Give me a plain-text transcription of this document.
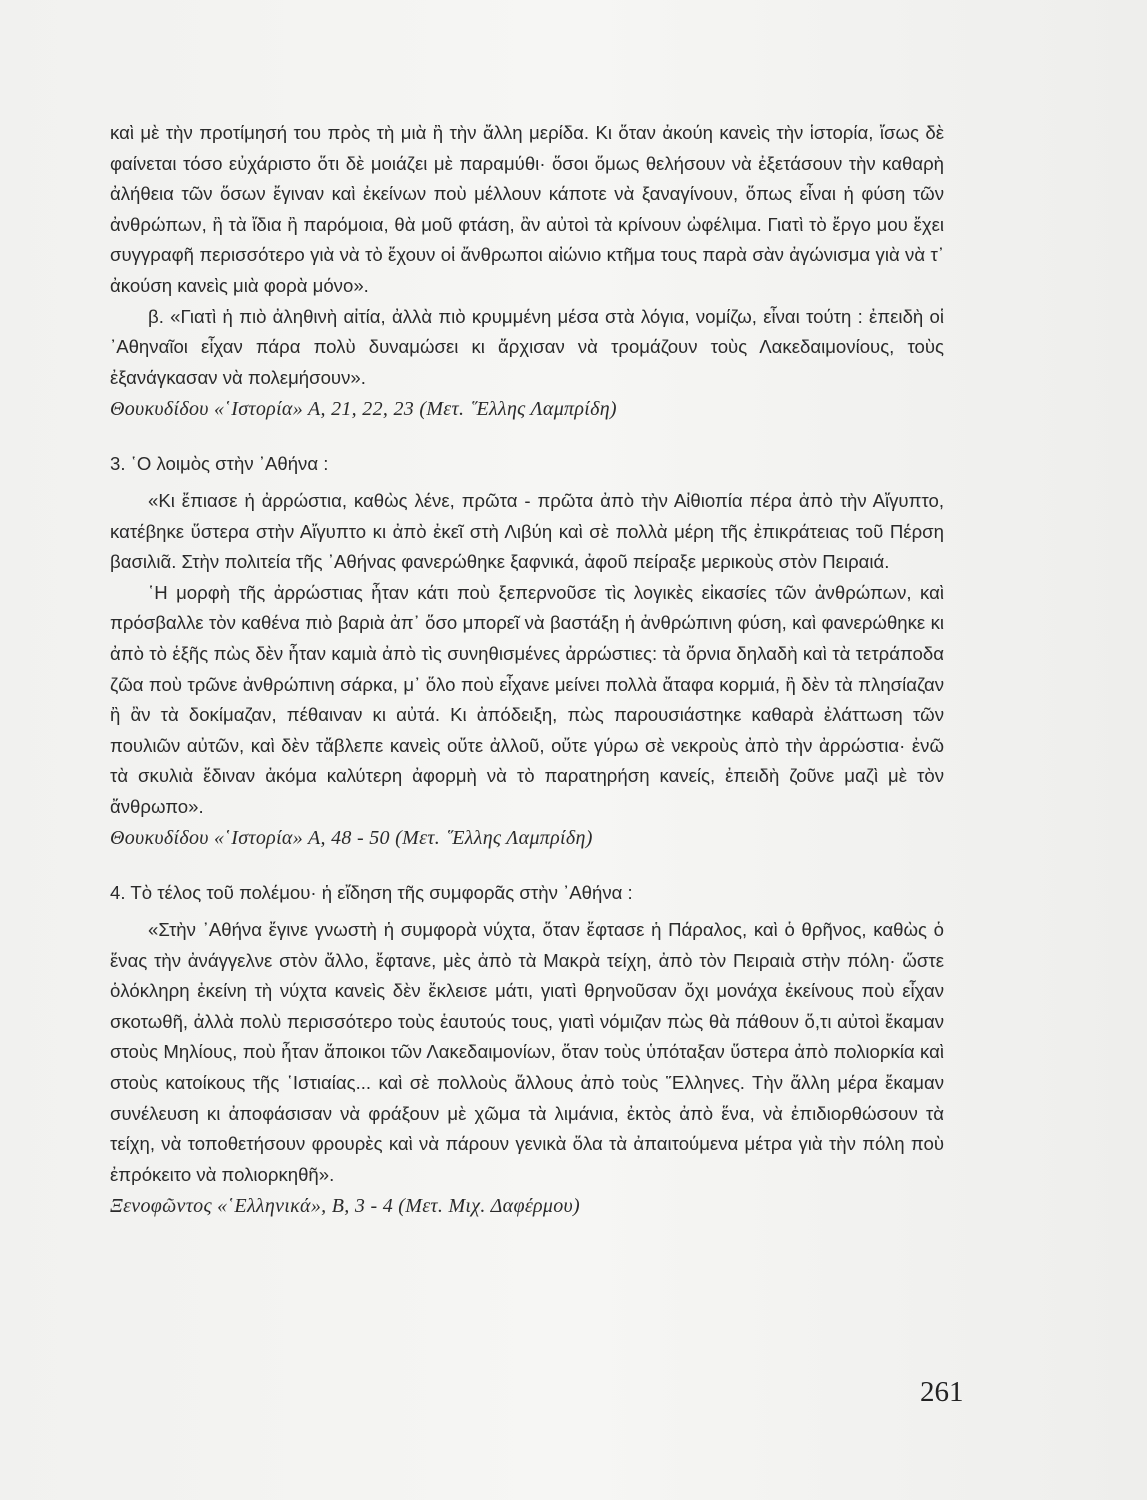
καὶ μὲ τὴν προτίμησή του πρὸς τὴ μιὰ ἢ τὴν ἄλλη μερίδα. Κι ὅταν ἀκούη κανεὶς τὴν ἱστορία, ἴσως δὲ φαίνεται τόσο εὐχάριστο ὅτι δὲ μοιάζει μὲ παραμύθι· ὅσοι ὅμως θελήσουν νὰ ἐξετάσουν τὴν καθαρὴ ἀλήθεια τῶν ὅσων ἔγιναν καὶ ἐκείνων ποὺ μέλλουν κάποτε νὰ ξαναγίνουν, ὅπως εἶναι ἡ φύση τῶν ἀνθρώπων, ἢ τὰ ἴδια ἢ παρόμοια, θὰ μοῦ φτάση, ἂν αὐτοὶ τὰ κρίνουν ὠφέλιμα. Γιατὶ τὸ ἔργο μου ἔχει συγγραφῆ περισσότερο γιὰ νὰ τὸ ἔχουν οἱ ἄνθρωποι αἰώνιο κτῆμα τους παρὰ σὰν ἀγώνισμα γιὰ νὰ τ᾿ ἀκούση κανεὶς μιὰ φορὰ μόνο».

β. «Γιατὶ ἡ πιὸ ἀληθινὴ αἰτία, ἀλλὰ πιὸ κρυμμένη μέσα στὰ λόγια, νομίζω, εἶναι τούτη : ἐπειδὴ οἱ ᾿Αθηναῖοι εἶχαν πάρα πολὺ δυναμώσει κι ἄρχισαν νὰ τρομάζουν τοὺς Λακεδαιμονίους, τοὺς ἐξανάγκασαν νὰ πολεμήσουν».

Θουκυδίδου «῾Ιστορία» Α, 21, 22, 23 (Μετ. ῞Ελλης Λαμπρίδη)

3. ῾Ο λοιμὸς στὴν ᾿Αθήνα :

«Κι ἔπιασε ἡ ἀρρώστια, καθὼς λένε, πρῶτα - πρῶτα ἀπὸ τὴν Αἰθιοπία πέρα ἀπὸ τὴν Αἴγυπτο, κατέβηκε ὕστερα στὴν Αἴγυπτο κι ἀπὸ ἐκεῖ στὴ Λιβύη καὶ σὲ πολλὰ μέρη τῆς ἐπικράτειας τοῦ Πέρση βασιλιᾶ. Στὴν πολιτεία τῆς ᾿Αθήνας φανερώθηκε ξαφνικά, ἀφοῦ πείραξε μερικοὺς στὸν Πειραιά.

῾Η μορφὴ τῆς ἀρρώστιας ἦταν κάτι ποὺ ξεπερνοῦσε τὶς λογικὲς εἰκασίες τῶν ἀνθρώπων, καὶ πρόσβαλλε τὸν καθένα πιὸ βαριὰ ἀπ᾿ ὅσο μπορεῖ νὰ βαστάξη ἡ ἀνθρώπινη φύση, καὶ φανερώθηκε κι ἀπὸ τὸ ἑξῆς πὼς δὲν ἦταν καμιὰ ἀπὸ τὶς συνηθισμένες ἀρρώστιες: τὰ ὄρνια δηλαδὴ καὶ τὰ τετράποδα ζῶα ποὺ τρῶνε ἀνθρώπινη σάρκα, μ᾿ ὅλο ποὺ εἶχανε μείνει πολλὰ ἄταφα κορμιά, ἢ δὲν τὰ πλησίαζαν ἢ ἂν τὰ δοκίμαζαν, πέθαιναν κι αὐτά. Κι ἀπόδειξη, πὼς παρουσιάστηκε καθαρὰ ἐλάττωση τῶν πουλιῶν αὐτῶν, καὶ δὲν τἄβλεπε κανεὶς οὔτε ἀλλοῦ, οὔτε γύρω σὲ νεκροὺς ἀπὸ τὴν ἀρρώστια· ἐνῶ τὰ σκυλιὰ ἔδιναν ἀκόμα καλύτερη ἀφορμὴ νὰ τὸ παρατηρήση κανείς, ἐπειδὴ ζοῦνε μαζὶ μὲ τὸν ἄνθρωπο».

Θουκυδίδου «῾Ιστορία» Α, 48 - 50 (Μετ. ῞Ελλης Λαμπρίδη)

4. Τὸ τέλος τοῦ πολέμου· ἡ εἴδηση τῆς συμφορᾶς στὴν ᾿Αθήνα :

«Στὴν ᾿Αθήνα ἔγινε γνωστὴ ἡ συμφορὰ νύχτα, ὅταν ἔφτασε ἡ Πάραλος, καὶ ὁ θρῆνος, καθὼς ὁ ἕνας τὴν ἀνάγγελνε στὸν ἄλλο, ἔφτανε, μὲς ἀπὸ τὰ Μακρὰ τείχη, ἀπὸ τὸν Πειραιὰ στὴν πόλη· ὥστε ὁλόκληρη ἐκείνη τὴ νύχτα κανεὶς δὲν ἔκλεισε μάτι, γιατὶ θρηνοῦσαν ὄχι μονάχα ἐκείνους ποὺ εἶχαν σκοτωθῆ, ἀλλὰ πολὺ περισσότερο τοὺς ἑαυτούς τους, γιατὶ νόμιζαν πὼς θὰ πάθουν ὅ,τι αὐτοὶ ἔκαμαν στοὺς Μηλίους, ποὺ ἦταν ἄποικοι τῶν Λακεδαιμονίων, ὅταν τοὺς ὑπόταξαν ὕστερα ἀπὸ πολιορκία καὶ στοὺς κατοίκους τῆς ῾Ιστιαίας... καὶ σὲ πολλοὺς ἄλλους ἀπὸ τοὺς ῞Ελληνες. Τὴν ἄλλη μέρα ἔκαμαν συνέλευση κι ἀποφάσισαν νὰ φράξουν μὲ χῶμα τὰ λιμάνια, ἐκτὸς ἀπὸ ἕνα, νὰ ἐπιδιορθώσουν τὰ τείχη, νὰ τοποθετήσουν φρουρὲς καὶ νὰ πάρουν γενικὰ ὅλα τὰ ἀπαιτούμενα μέτρα γιὰ τὴν πόλη ποὺ ἐπρόκειτο νὰ πολιορκηθῆ».

Ξενοφῶντος «῾Ελληνικά», Β, 3 - 4 (Μετ. Μιχ. Δαφέρμου)

261
